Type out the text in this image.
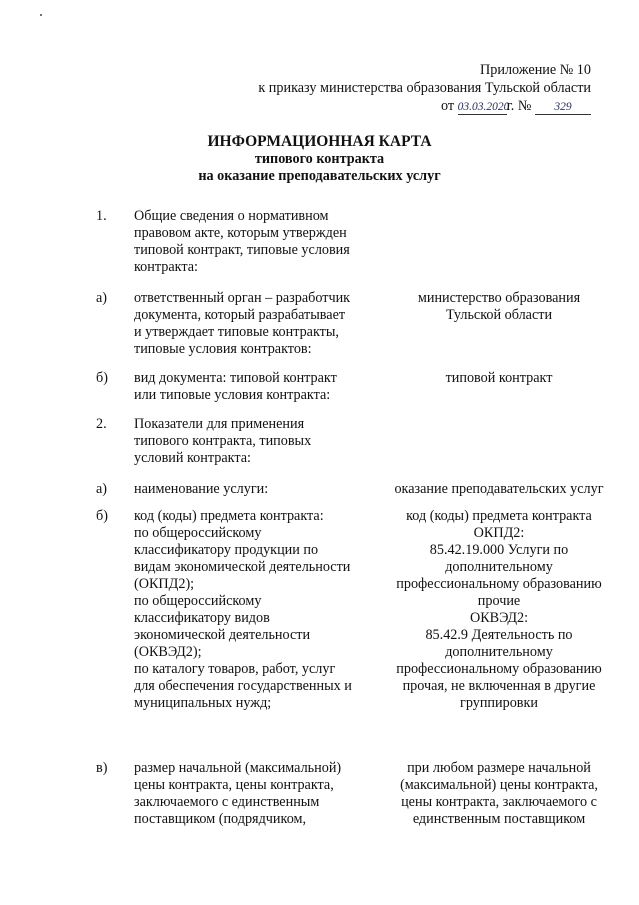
Приложение № 10
к приказу министерства образования Тульской области
от 03.03.2020г. № 329
ИНФОРМАЦИОННАЯ КАРТА
типового контракта
на оказание преподавательских услуг
1. Общие сведения о нормативном
правовом акте, которым утвержден
типовой контракт, типовые условия
контракта:
а) ответственный орган – разработчик
документа, который разрабатывает
и утверждает типовые контракты,
типовые условия контрактов:
министерство образования
Тульской области
б) вид документа: типовой контракт
или типовые условия контракта:
типовой контракт
2. Показатели для применения
типового контракта, типовых
условий контракта:
а) наименование услуги:	оказание преподавательских услуг
б) код (коды) предмета контракта:
по общероссийскому
классификатору продукции по
видам экономической деятельности
(ОКПД2);
по общероссийскому
классификатору видов
экономической деятельности
(ОКВЭД2);
по каталогу товаров, работ, услуг
для обеспечения государственных и
муниципальных нужд;
код (коды) предмета контракта
ОКПД2:
85.42.19.000 Услуги по
дополнительному
профессиональному образованию
прочие
ОКВЭД2:
85.42.9 Деятельность по
дополнительному
профессиональному образованию
прочая, не включенная в другие
группировки
в) размер начальной (максимальной)
цены контракта, цены контракта,
заключаемого с единственным
поставщиком (подрядчиком,
при любом размере начальной
(максимальной) цены контракта,
цены контракта, заключаемого с
единственным поставщиком
